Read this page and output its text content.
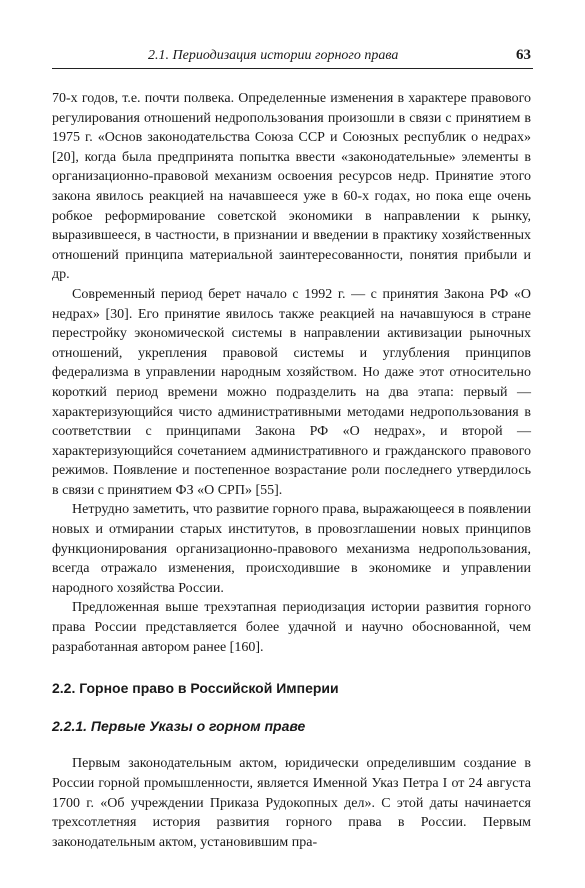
2.1. Периодизация истории горного права	63

70-х годов, т.е. почти полвека. Определенные изменения в характере правового регулирования отношений недропользования произошли в связи с принятием в 1975 г. «Основ законодательства Союза ССР и Союзных республик о недрах» [20], когда была предпринята попытка ввести «законодательные» элементы в организационно-правовой механизм освоения ресурсов недр. Принятие этого закона явилось реакцией на начавшееся уже в 60-х годах, но пока еще очень робкое реформирование советской экономики в направлении к рынку, выразившееся, в частности, в признании и введении в практику хозяйственных отношений принципа материальной заинтересованности, понятия прибыли и др.

Современный период берет начало с 1992 г. — с принятия Закона РФ «О недрах» [30]. Его принятие явилось также реакцией на начавшуюся в стране перестройку экономической системы в направлении активизации рыночных отношений, укрепления правовой системы и углубления принципов федерализма в управлении народным хозяйством. Но даже этот относительно короткий период времени можно подразделить на два этапа: первый — характеризующийся чисто административными методами недропользования в соответствии с принципами Закона РФ «О недрах», и второй — характеризующийся сочетанием административного и гражданского правового режимов. Появление и постепенное возрастание роли последнего утвердилось в связи с принятием ФЗ «О СРП» [55].

Нетрудно заметить, что развитие горного права, выражающееся в появлении новых и отмирании старых институтов, в провозглашении новых принципов функционирования организационно-правового механизма недропользования, всегда отражало изменения, происходившие в экономике и управлении народного хозяйства России.

Предложенная выше трехэтапная периодизация истории развития горного права России представляется более удачной и научно обоснованной, чем разработанная автором ранее [160].

2.2. Горное право в Российской Империи
2.2.1. Первые Указы о горном праве

Первым законодательным актом, юридически определившим создание в России горной промышленности, является Именной Указ Петра I от 24 августа 1700 г. «Об учреждении Приказа Рудокопных дел». С этой даты начинается трехсотлетняя история развития горного права в России. Первым законодательным актом, установившим пра-
